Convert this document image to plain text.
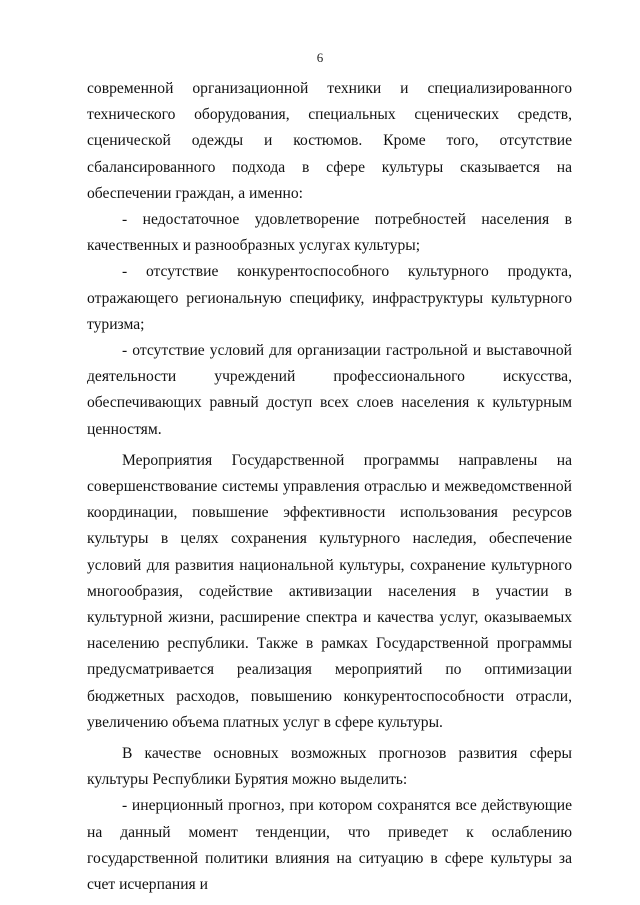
6

современной организационной техники и специализированного технического оборудования, специальных сценических средств, сценической одежды и костюмов. Кроме того, отсутствие сбалансированного подхода в сфере культуры сказывается на обеспечении граждан, а именно:

- недостаточное удовлетворение потребностей населения в качественных и разнообразных услугах культуры;

- отсутствие конкурентоспособного культурного продукта, отражающего региональную специфику, инфраструктуры культурного туризма;

- отсутствие условий для организации гастрольной и выставочной деятельности учреждений профессионального искусства, обеспечивающих равный доступ всех слоев населения к культурным ценностям.

Мероприятия Государственной программы направлены на совершенствование системы управления отраслью и межведомственной координации, повышение эффективности использования ресурсов культуры в целях сохранения культурного наследия, обеспечение условий для развития национальной культуры, сохранение культурного многообразия, содействие активизации населения в участии в культурной жизни, расширение спектра и качества услуг, оказываемых населению республики. Также в рамках Государственной программы предусматривается реализация мероприятий по оптимизации бюджетных расходов, повышению конкурентоспособности отрасли, увеличению объема платных услуг в сфере культуры.

В качестве основных возможных прогнозов развития сферы культуры Республики Бурятия можно выделить:

- инерционный прогноз, при котором сохранятся все действующие на данный момент тенденции, что приведет к ослаблению государственной политики влияния на ситуацию в сфере культуры за счет исчерпания и
